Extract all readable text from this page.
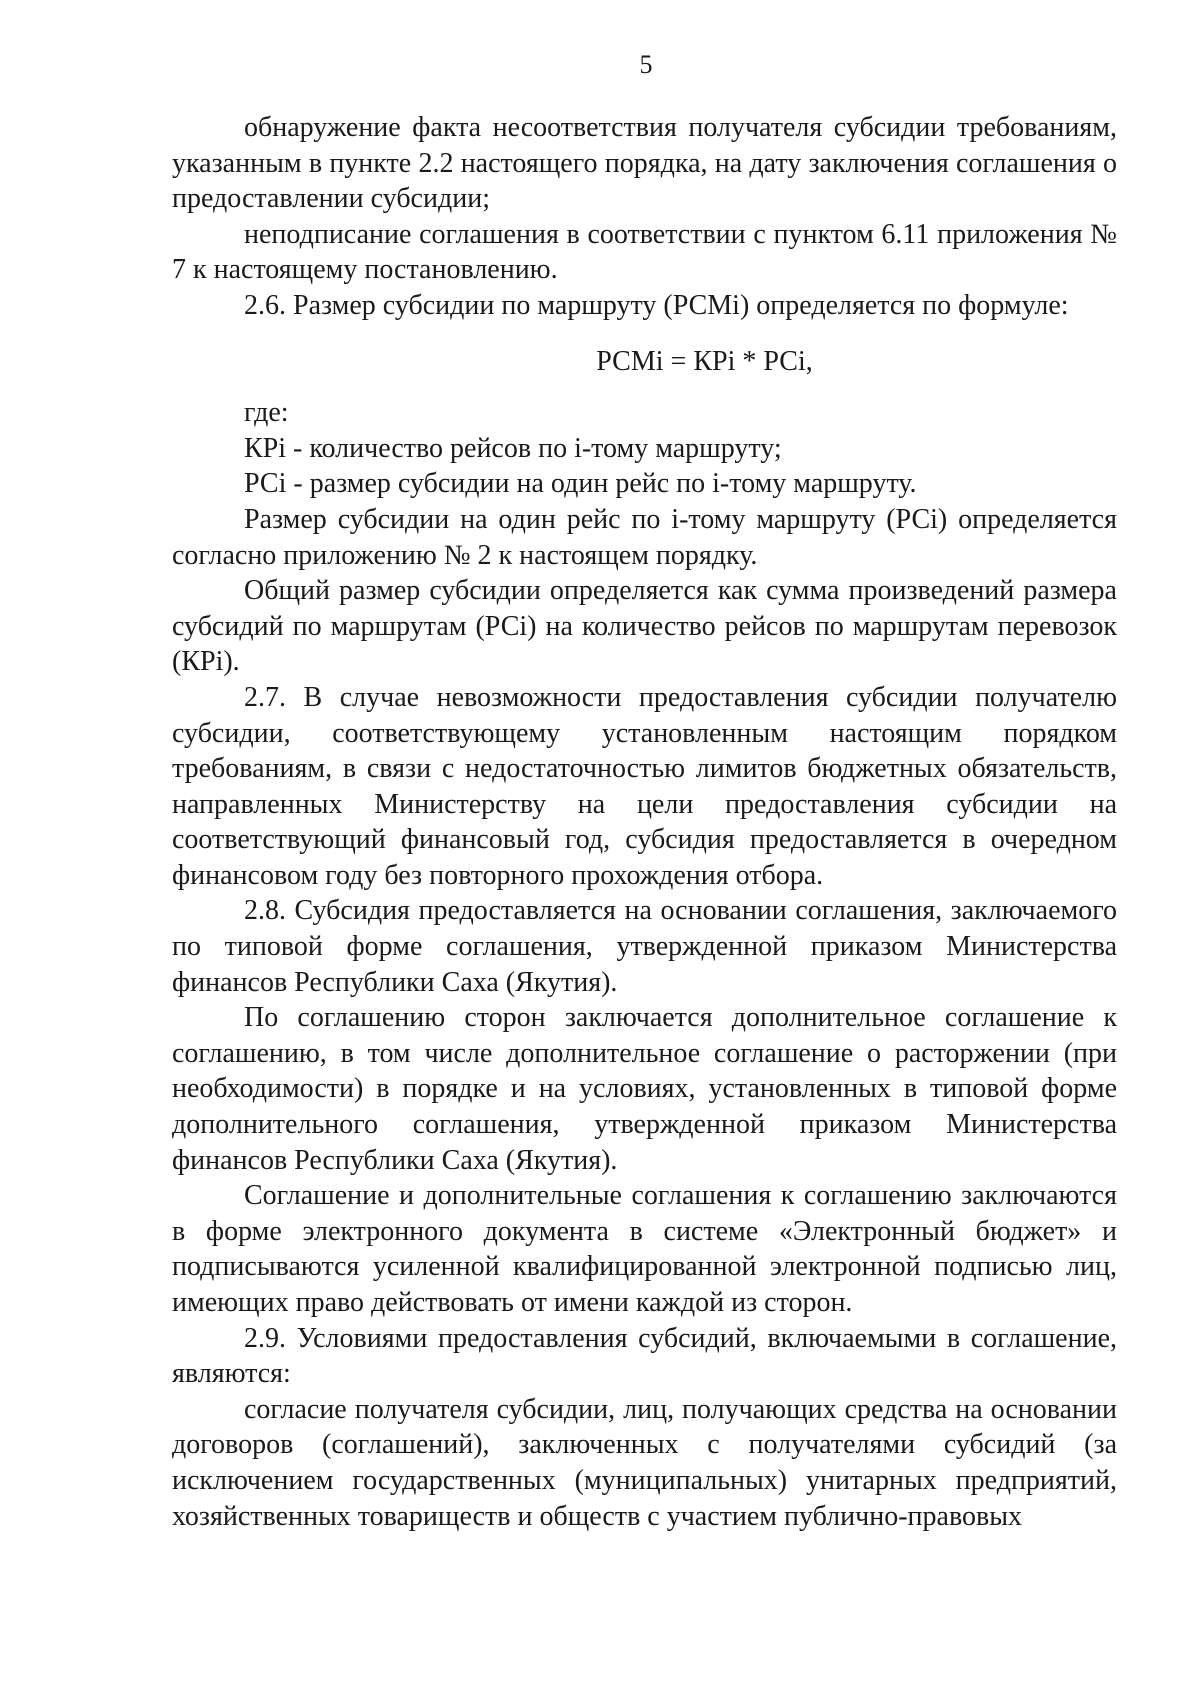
5

обнаружение факта несоответствия получателя субсидии требованиям, указанным в пункте 2.2 настоящего порядка, на дату заключения соглашения о предоставлении субсидии;

неподписание соглашения в соответствии с пунктом 6.11 приложения № 7 к настоящему постановлению.

2.6. Размер субсидии по маршруту (РСМi) определяется по формуле:

РСМi = КРi * РСi,

где:

КРi - количество рейсов по i-тому маршруту;

РСi - размер субсидии на один рейс по i-тому маршруту.

Размер субсидии на один рейс по i-тому маршруту (РСi) определяется согласно приложению № 2 к настоящем порядку.

Общий размер субсидии определяется как сумма произведений размера субсидий по маршрутам (РСi) на количество рейсов по маршрутам перевозок (КРi).

2.7. В случае невозможности предоставления субсидии получателю субсидии, соответствующему установленным настоящим порядком требованиям, в связи с недостаточностью лимитов бюджетных обязательств, направленных Министерству на цели предоставления субсидии на соответствующий финансовый год, субсидия предоставляется в очередном финансовом году без повторного прохождения отбора.

2.8. Субсидия предоставляется на основании соглашения, заключаемого по типовой форме соглашения, утвержденной приказом Министерства финансов Республики Саха (Якутия).

По соглашению сторон заключается дополнительное соглашение к соглашению, в том числе дополнительное соглашение о расторжении (при необходимости) в порядке и на условиях, установленных в типовой форме дополнительного соглашения, утвержденной приказом Министерства финансов Республики Саха (Якутия).

Соглашение и дополнительные соглашения к соглашению заключаются в форме электронного документа в системе «Электронный бюджет» и подписываются усиленной квалифицированной электронной подписью лиц, имеющих право действовать от имени каждой из сторон.

2.9. Условиями предоставления субсидий, включаемыми в соглашение, являются:

согласие получателя субсидии, лиц, получающих средства на основании договоров (соглашений), заключенных с получателями субсидий (за исключением государственных (муниципальных) унитарных предприятий, хозяйственных товариществ и обществ с участием публично-правовых
